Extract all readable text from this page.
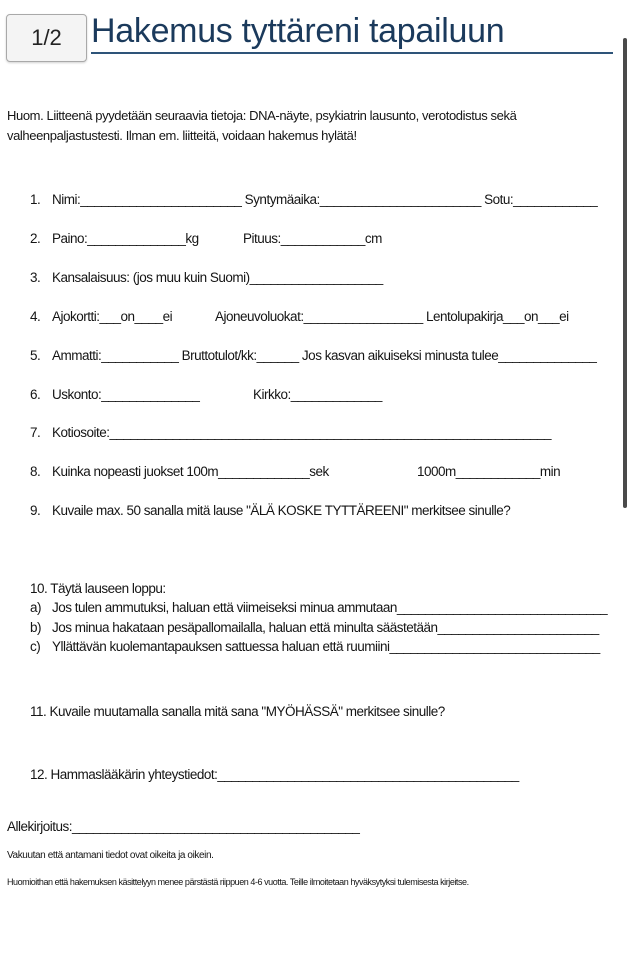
1/2 Hakemus tyttäreni tapailuun
Huom. Liitteenä pyydetään seuraavia tietoja: DNA-näyte, psykiatrin lausunto, verotodistus sekä valheenpaljastustesti. Ilman em. liitteitä, voidaan hakemus hylätä!
1. Nimi:_______________________ Syntymäaika:_______________________ Sotu:____________
2. Paino:______________kg	Pituus:____________cm
3. Kansalaisuus: (jos muu kuin Suomi)___________________
4. Ajokortti:___on____ei	Ajoneuvoluokat:_________________ Lentolupakirja___on___ei
5. Ammatti:___________ Bruttotulot/kk:______ Jos kasvan aikuiseksi minusta tulee______________
6. Uskonto:______________	Kirkko:_____________
7. Kotiosoite:_______________________________________________________________
8. Kuinka nopeasti juokset 100m_____________sek	1000m____________min
9. Kuvaile max. 50 sanalla mitä lause "ÄLÄ KOSKE TYTTÄREENI" merkitsee sinulle?
10. Täytä lauseen loppu:
a) Jos tulen ammutuksi, haluan että viimeiseksi minua ammutaan______________________________
b) Jos minua hakataan pesäpallomailalla, haluan että minulta säästetään_______________________
c) Yllättävän kuolemantapauksen sattuessa haluan että ruumiini______________________________
11. Kuvaile muutamalla sanalla mitä sana "MYÖHÄSSÄ" merkitsee sinulle?
12. Hammaslääkärin yhteystiedot:___________________________________________
Allekirjoitus:_________________________________________
Vakuutan että antamani tiedot ovat oikeita ja oikein.
Huomioithan että hakemuksen käsittelyyn menee pärstästä riippuen 4-6 vuotta. Teille ilmoitetaan hyväksytyksi tulemisesta kirjeitse.
